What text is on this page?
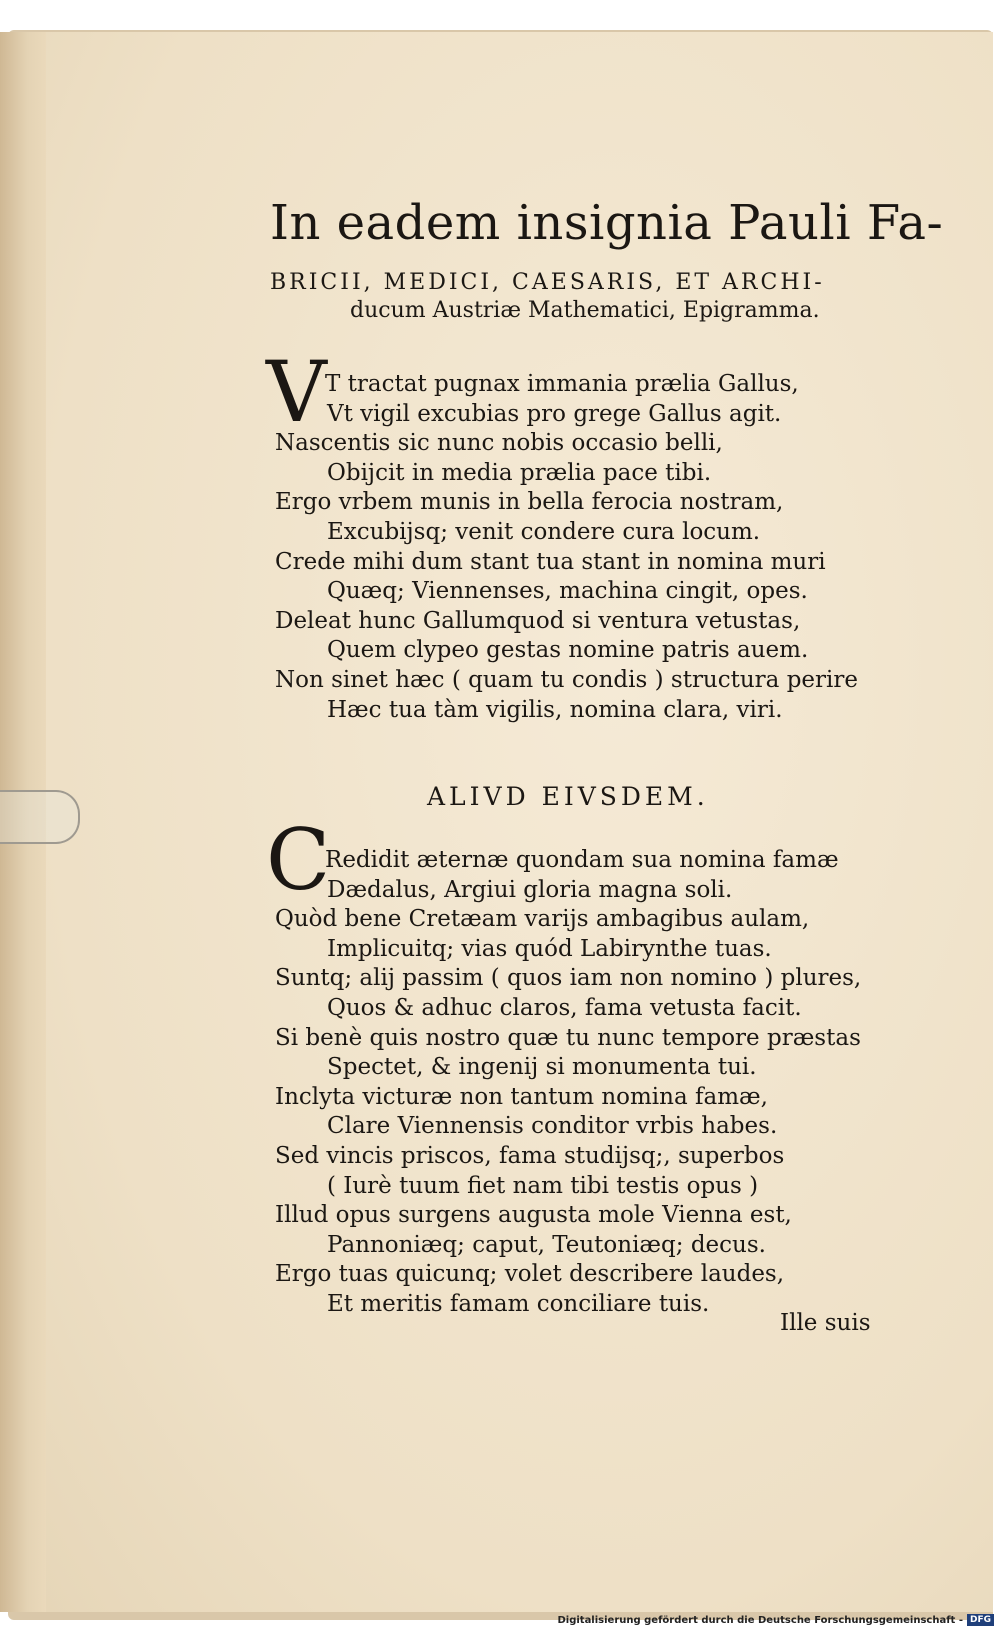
In eadem insignia Pauli Fa-
BRICII, MEDICI, CAESARIS, ET ARCHI-
ducum Austriæ Mathematici, Epigramma.
V
T tractat pugnax immania prælia Gallus,
Vt vigil excubias pro grege Gallus agit.
Nascentis sic nunc nobis occasio belli,
Obijcit in media prælia pace tibi.
Ergo vrbem munis in bella ferocia nostram,
Excubijsq; venit condere cura locum.
Crede mihi dum stant tua stant in nomina muri
Quæq; Viennenses, machina cingit, opes.
Deleat hunc Gallumquod si ventura vetustas,
Quem clypeo gestas nomine patris auem.
Non sinet hæc ( quam tu condis ) structura perire
Hæc tua tàm vigilis, nomina clara, viri.
ALIVD EIVSDEM.
C
Redidit æternæ quondam sua nomina famæ
Dædalus, Argiui gloria magna soli.
Quòd bene Cretæam varijs ambagibus aulam,
Implicuitq; vias quód Labirynthe tuas.
Suntq; alij passim ( quos iam non nomino ) plures,
Quos & adhuc claros, fama vetusta facit.
Si benè quis nostro quæ tu nunc tempore præstas
Spectet, & ingenij si monumenta tui.
Inclyta victuræ non tantum nomina famæ,
Clare Viennensis conditor vrbis habes.
Sed vincis priscos, fama studijsq;, superbos
( Iurè tuum fiet nam tibi testis opus )
Illud opus surgens augusta mole Vienna est,
Pannoniæq; caput, Teutoniæq; decus.
Ergo tuas quicunq; volet describere laudes,
Et meritis famam conciliare tuis.
Ille suis
Digitalisierung gefördert durch die Deutsche Forschungsgemeinschaft - DFG
